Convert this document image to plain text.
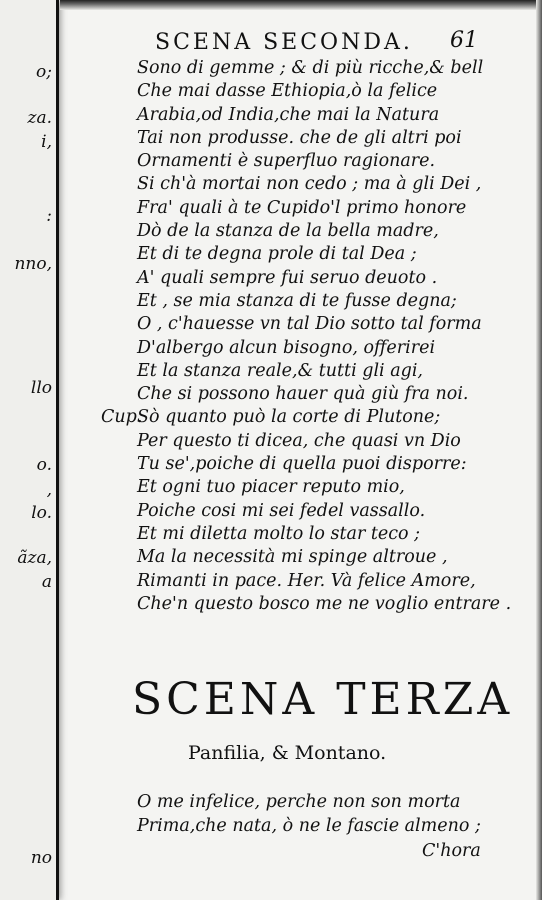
o;
za.
i,
:
nno,
llo
o.
,
lo.
ãza,
a
no
SCENA SECONDA. 61
Sono di gemme ; & di più ricche,& bell
Che mai dasse Ethiopia,ò la felice
Arabia,od India,che mai la Natura
Tai non produsse. che de gli altri poi
Ornamenti è superfluo ragionare.
Si ch'à mortai non cedo ; ma à gli Dei ,
Fra' quali à te Cupido'l primo honore
Dò de la stanza de la bella madre,
Et di te degna prole di tal Dea ;
A' quali sempre fui seruo deuoto .
Et , se mia stanza di te fusse degna;
O , c'hauesse vn tal Dio sotto tal forma
D'albergo alcun bisogno, offerirei
Et la stanza reale,& tutti gli agi,
Che si possono hauer quà giù fra noi.
Cup.
Sò quanto può la corte di Plutone;
Per questo ti dicea, che quasi vn Dio
Tu se',poiche di quella puoi disporre:
Et ogni tuo piacer reputo mio,
Poiche cosi mi sei fedel vassallo.
Et mi diletta molto lo star teco ;
Ma la necessità mi spinge altroue ,
Rimanti in pace. Her. Và felice Amore,
Che'n questo bosco me ne voglio entrare .
SCENA TERZA
Panfilia, & Montano.
O me infelice, perche non son morta
Prima,che nata, ò ne le fascie almeno ;
C'hora
